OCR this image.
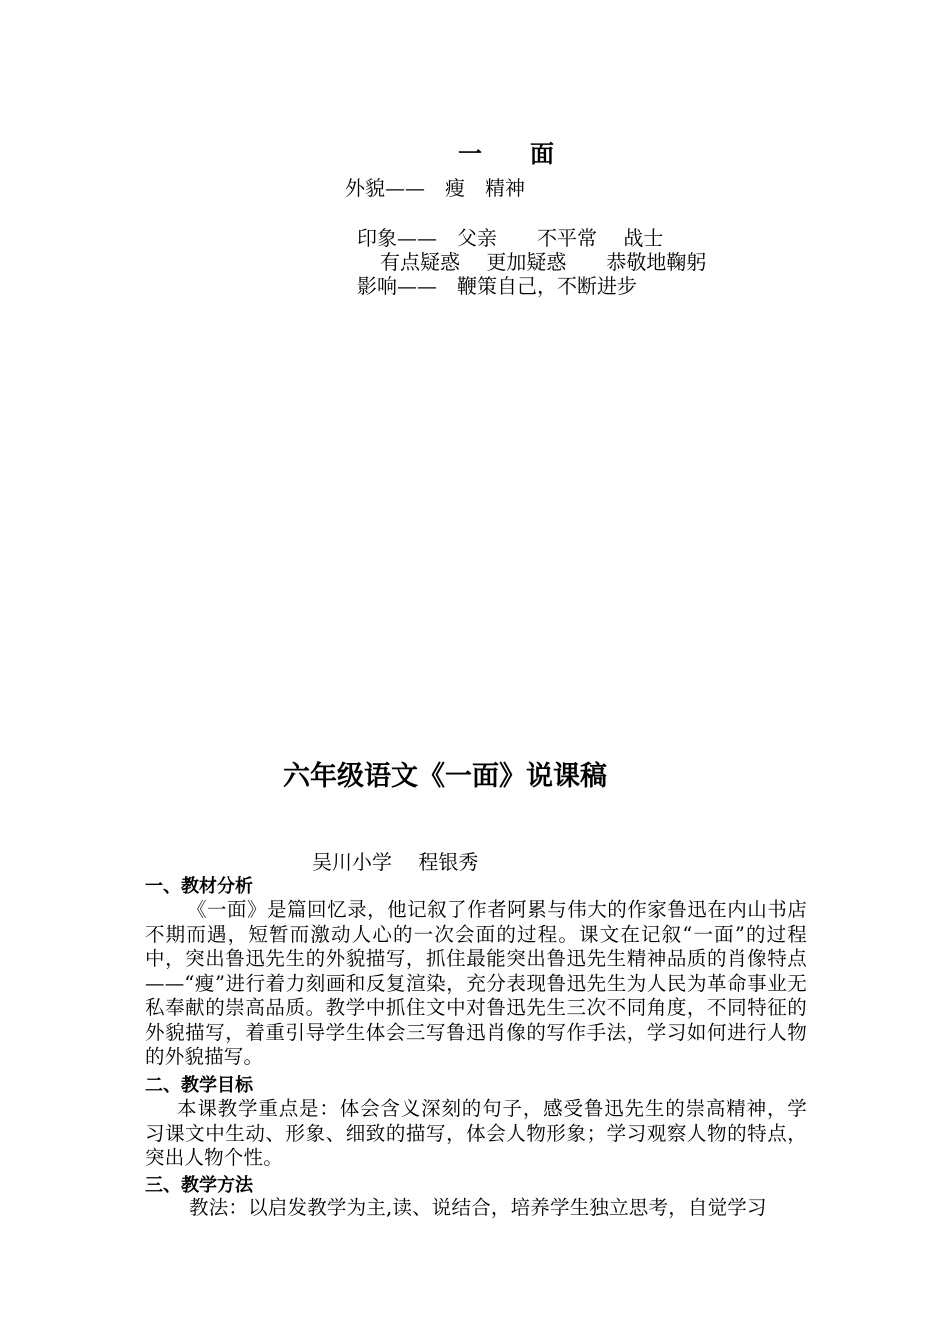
一　　面
外貌——　瘦　精神
印象——　父亲　　不平常　 战士
有点疑惑　 更加疑惑　　恭敬地鞠躬
影响——　鞭策自己，不断进步
六年级语文《一面》说课稿
吴川小学　 程银秀
一、教材分析
《一面》是篇回忆录，他记叙了作者阿累与伟大的作家鲁迅在内山书店不期而遇，短暂而激动人心的一次会面的过程。课文在记叙“一面”的过程中，突出鲁迅先生的外貌描写，抓住最能突出鲁迅先生精神品质的肖像特点——“瘦”进行着力刻画和反复渲染，充分表现鲁迅先生为人民为革命事业无私奉献的崇高品质。教学中抓住文中对鲁迅先生三次不同角度，不同特征的外貌描写，着重引导学生体会三写鲁迅肖像的写作手法，学习如何进行人物的外貌描写。
二、教学目标
本课教学重点是：体会含义深刻的句子，感受鲁迅先生的崇高精神，学习课文中生动、形象、细致的描写，体会人物形象；学习观察人物的特点，突出人物个性。
三、教学方法
教法：以启发教学为主,读、说结合，培养学生独立思考，自觉学习
